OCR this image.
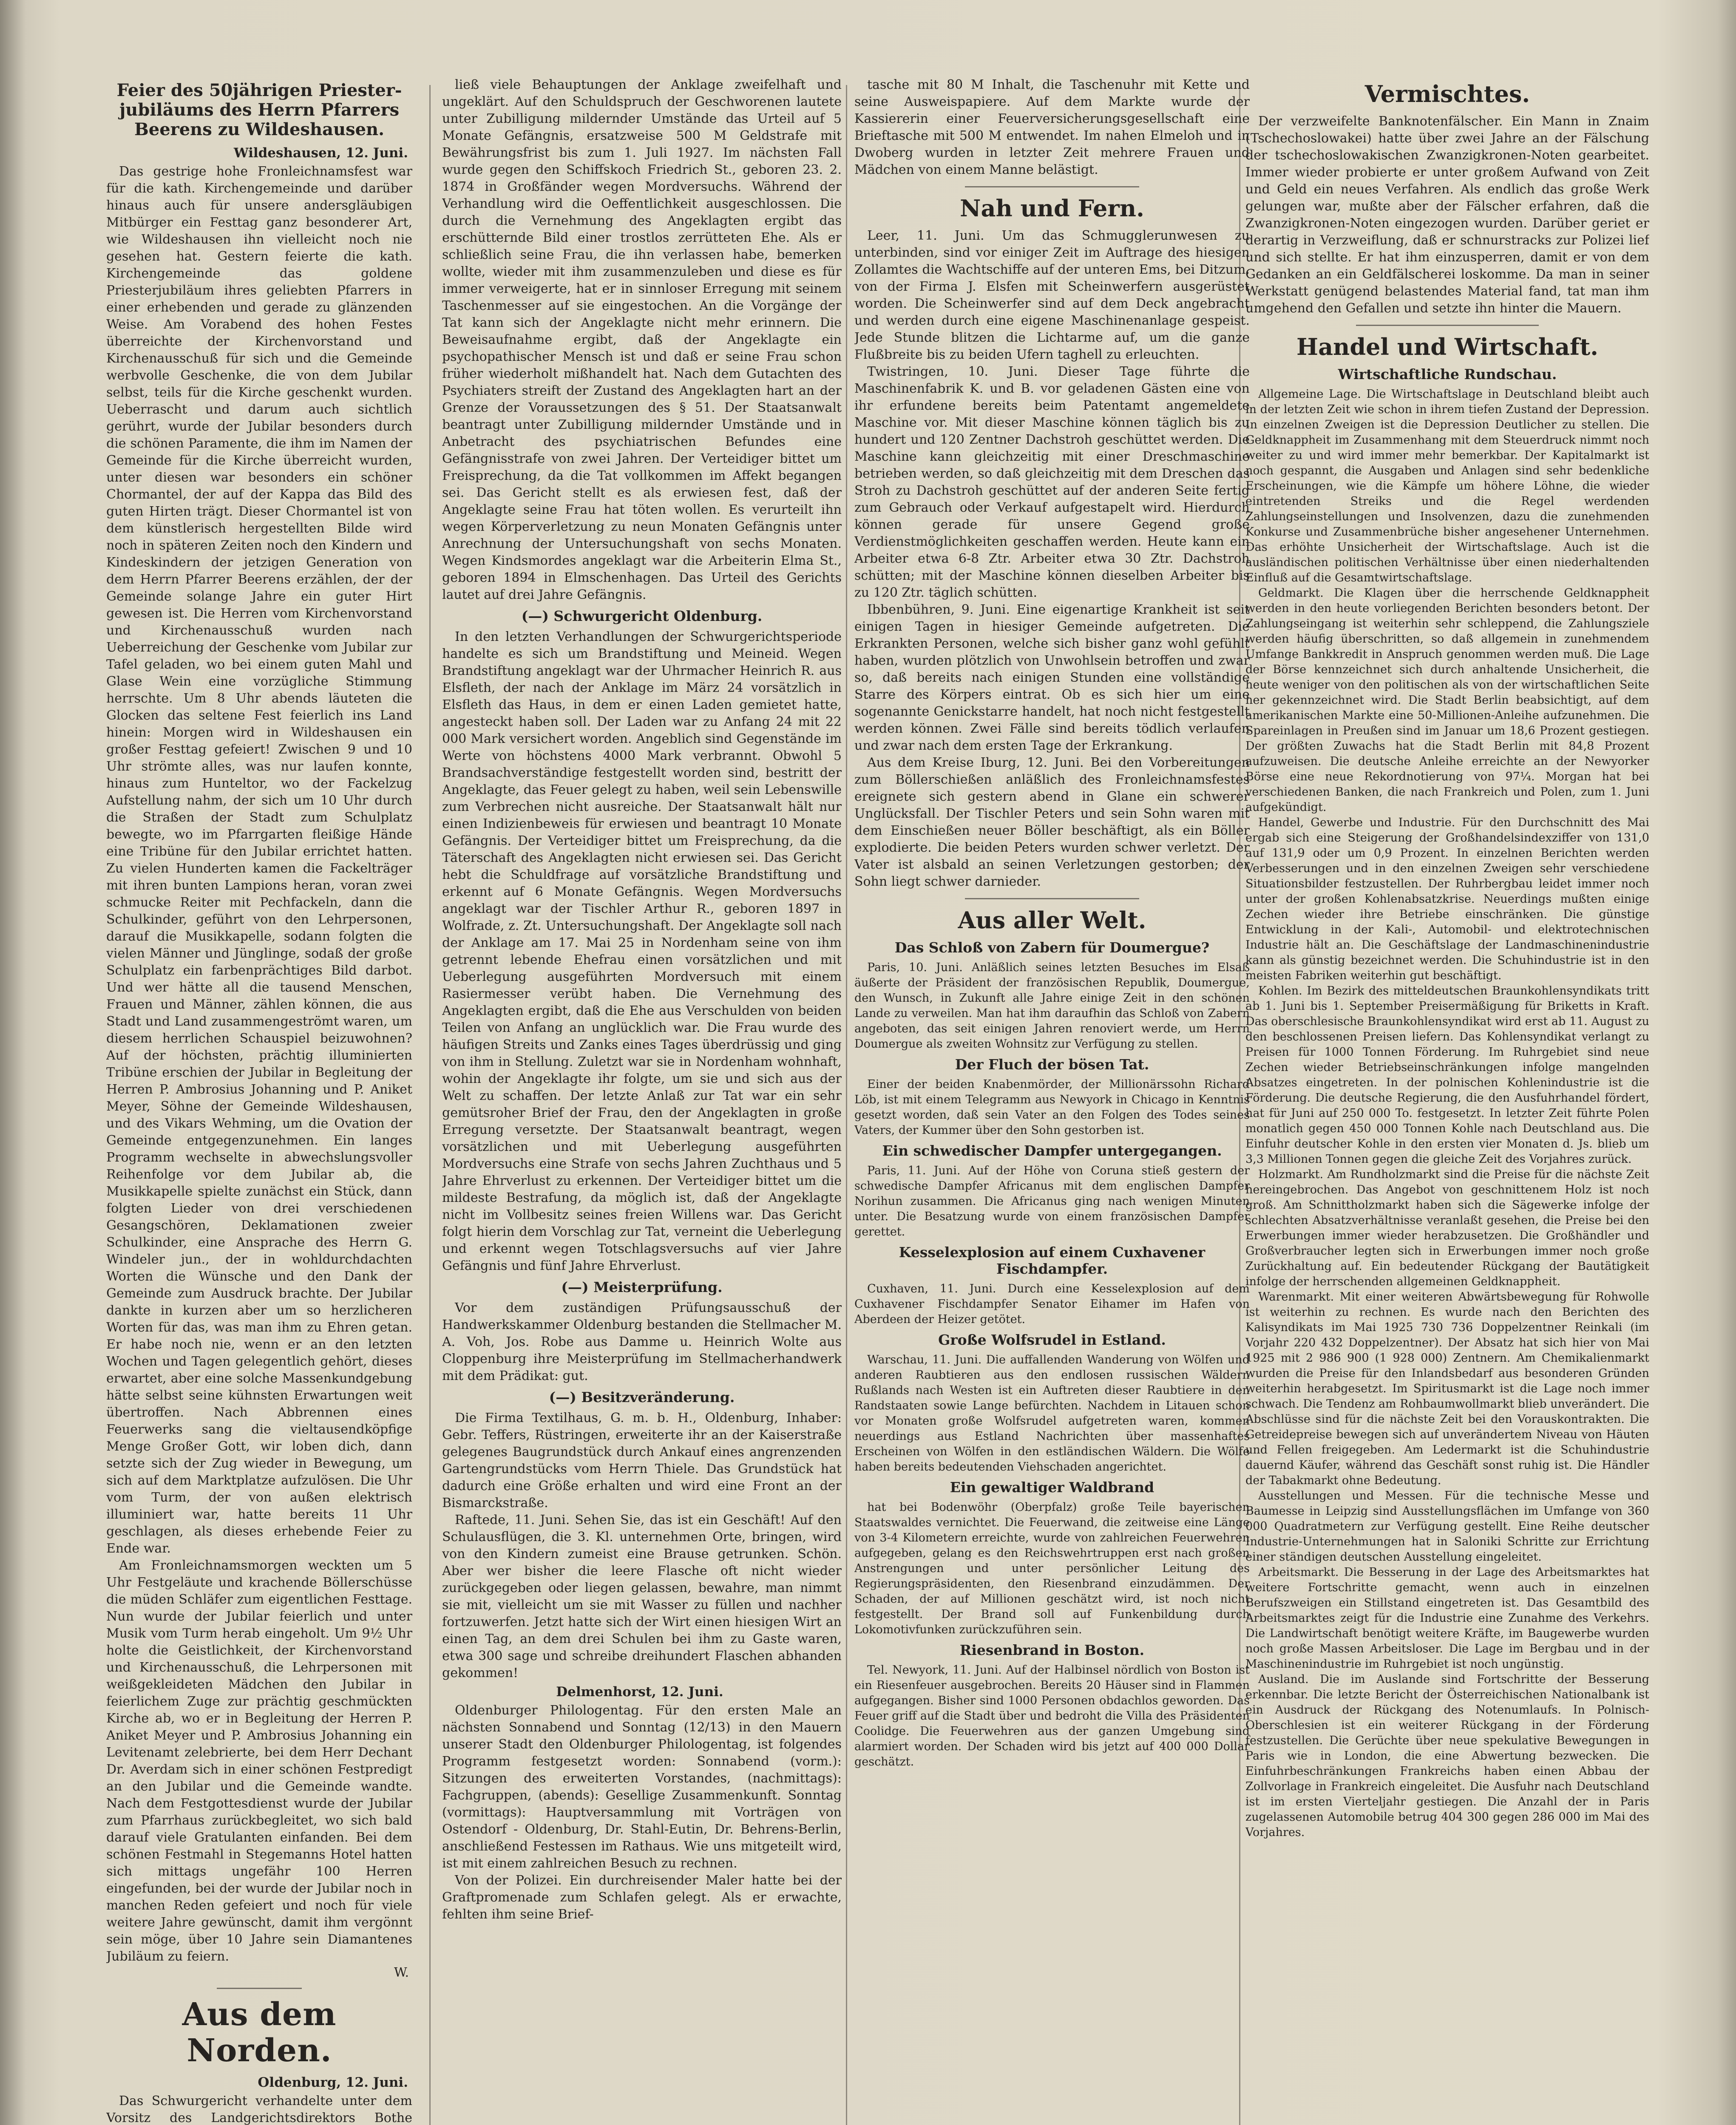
Feier des 50jährigen Priester-jubiläums des Herrn Pfarrers Beerens zu Wildeshausen.
Wildeshausen, 12. Juni.

Das gestrige hohe Fronleichnamsfest war für die kath. Kirchengemeinde und darüber hinaus auch für unsere andersgläubigen Mitbürger ein Festtag ganz besonderer Art, wie Wildeshausen ihn vielleicht noch nie gesehen hat. Gestern feierte die kath. Kirchengemeinde das goldene Priesterjubiläum ihres geliebten Pfarrers in einer erhebenden und gerade zu glänzenden Weise. Am Vorabend des hohen Festes überreichte der Kirchenvorstand und Kirchenausschuß für sich und die Gemeinde werbvolle Geschenke, die von dem Jubilar selbst, teils für die Kirche geschenkt wurden. Ueberrascht und darum auch sichtlich gerührt, wurde der Jubilar besonders durch die schönen Paramente, die ihm im Namen der Gemeinde für die Kirche überreicht wurden, unter diesen war besonders ein schöner Chormantel, der auf der Kappa das Bild des guten Hirten trägt. Dieser Chormantel ist von dem künstlerisch hergestellten Bilde wird noch in späteren Zeiten noch den Kindern und Kindeskindern der jetzigen Generation von dem Herrn Pfarrer Beerens erzählen, der der Gemeinde solange Jahre ein guter Hirt gewesen ist. Die Herren vom Kirchenvorstand und Kirchenausschuß wurden nach Ueberreichung der Geschenke vom Jubilar zur Tafel geladen, wo bei einem guten Mahl und Glase Wein eine vorzügliche Stimmung herrschte. Um 8 Uhr abends läuteten die Glocken das seltene Fest feierlich ins Land hinein: Morgen wird in Wildeshausen ein großer Festtag gefeiert! Zwischen 9 und 10 Uhr strömte alles, was nur laufen konnte, hinaus zum Hunteltor, wo der Fackelzug Aufstellung nahm, der sich um 10 Uhr durch die Straßen der Stadt zum Schulplatz bewegte, wo im Pfarrgarten fleißige Hände eine Tribüne für den Jubilar errichtet hatten. Zu vielen Hunderten kamen die Fackelträger mit ihren bunten Lampions heran, voran zwei schmucke Reiter mit Pechfackeln, dann die Schulkinder, geführt von den Lehrpersonen, darauf die Musikkapelle, sodann folgten die vielen Männer und Jünglinge, sodaß der große Schulplatz ein farbenprächtiges Bild darbot. Und wer hätte all die tausend Menschen, Frauen und Männer, zählen können, die aus Stadt und Land zusammengeströmt waren, um diesem herrlichen Schauspiel beizuwohnen? Auf der höchsten, prächtig illuminierten Tribüne erschien der Jubilar in Begleitung der Herren P. Ambrosius Johanning und P. Aniket Meyer, Söhne der Gemeinde Wildeshausen, und des Vikars Wehming, um die Ovation der Gemeinde entgegenzunehmen. Ein langes Programm wechselte in abwechslungsvoller Reihenfolge vor dem Jubilar ab, die Musikkapelle spielte zunächst ein Stück, dann folgten Lieder von drei verschiedenen Gesangschören, Deklamationen zweier Schulkinder, eine Ansprache des Herrn G. Windeler jun., der in wohldurchdachten Worten die Wünsche und den Dank der Gemeinde zum Ausdruck brachte. Der Jubilar dankte in kurzen aber um so herzlicheren Worten für das, was man ihm zu Ehren getan. Er habe noch nie, wenn er an den letzten Wochen und Tagen gelegentlich gehört, dieses erwartet, aber eine solche Massenkundgebung hätte selbst seine kühnsten Erwartungen weit übertroffen. Nach Abbrennen eines Feuerwerks sang die vieltausendköpfige Menge Großer Gott, wir loben dich, dann setzte sich der Zug wieder in Bewegung, um sich auf dem Marktplatze aufzulösen. Die Uhr vom Turm, der von außen elektrisch illuminiert war, hatte bereits 11 Uhr geschlagen, als dieses erhebende Feier zu Ende war.

Am Fronleichnamsmorgen weckten um 5 Uhr Festgeläute und krachende Böllerschüsse die müden Schläfer zum eigentlichen Festtage. Nun wurde der Jubilar feierlich und unter Musik vom Turm herab eingeholt. Um 9½ Uhr holte die Geistlichkeit, der Kirchenvorstand und Kirchenausschuß, die Lehrpersonen mit weißgekleideten Mädchen den Jubilar in feierlichem Zuge zur prächtig geschmückten Kirche ab, wo er in Begleitung der Herren P. Aniket Meyer und P. Ambrosius Johanning ein Levitenamt zelebrierte, bei dem Herr Dechant Dr. Averdam sich in einer schönen Festpredigt an den Jubilar und die Gemeinde wandte. Nach dem Festgottesdienst wurde der Jubilar zum Pfarrhaus zurückbegleitet, wo sich bald darauf viele Gratulanten einfanden. Bei dem schönen Festmahl in Stegemanns Hotel hatten sich mittags ungefähr 100 Herren eingefunden, bei der wurde der Jubilar noch in manchen Reden gefeiert und noch für viele weitere Jahre gewünscht, damit ihm vergönnt sein möge, über 10 Jahre sein Diamantenes Jubiläum zu feiern.

W.
Aus dem Norden.
Oldenburg, 12. Juni.

Das Schwurgericht verhandelte unter dem Vorsitz des Landgerichtsdirektors Bothe

ließ viele Behauptungen der Anklage zweifelhaft und ungeklärt. Auf den Schuldspruch der Geschworenen lautete unter Zubilligung mildernder Umstände das Urteil auf 5 Monate Gefängnis, ersatzweise 500 M Geldstrafe mit Bewährungsfrist bis zum 1. Juli 1927. Im nächsten Fall wurde gegen den Schiffskoch Friedrich St., geboren 23. 2. 1874 in Großfänder wegen Mordversuchs. Während der Verhandlung wird die Oeffentlichkeit ausgeschlossen. Die durch die Vernehmung des Angeklagten ergibt das erschütternde Bild einer trostlos zerrütteten Ehe. Als er schließlich seine Frau, die ihn verlassen habe, bemerken wollte, wieder mit ihm zusammenzuleben und diese es für immer verweigerte, hat er in sinnloser Erregung mit seinem Taschenmesser auf sie eingestochen. An die Vorgänge der Tat kann sich der Angeklagte nicht mehr erinnern. Die Beweisaufnahme ergibt, daß der Angeklagte ein psychopathischer Mensch ist und daß er seine Frau schon früher wiederholt mißhandelt hat. Nach dem Gutachten des Psychiaters streift der Zustand des Angeklagten hart an der Grenze der Voraussetzungen des § 51. Der Staatsanwalt beantragt unter Zubilligung mildernder Umstände und in Anbetracht des psychiatrischen Befundes eine Gefängnisstrafe von zwei Jahren. Der Verteidiger bittet um Freisprechung, da die Tat vollkommen im Affekt begangen sei. Das Gericht stellt es als erwiesen fest, daß der Angeklagte seine Frau hat töten wollen. Es verurteilt ihn wegen Körperverletzung zu neun Monaten Gefängnis unter Anrechnung der Untersuchungshaft von sechs Monaten. Wegen Kindsmordes angeklagt war die Arbeiterin Elma St., geboren 1894 in Elmschenhagen. Das Urteil des Gerichts lautet auf drei Jahre Gefängnis.

(—) Schwurgericht Oldenburg.

In den letzten Verhandlungen der Schwurgerichtsperiode handelte es sich um Brandstiftung und Meineid. Wegen Brandstiftung angeklagt war der Uhrmacher Heinrich R. aus Elsfleth, der nach der Anklage im März 24 vorsätzlich in Elsfleth das Haus, in dem er einen Laden gemietet hatte, angesteckt haben soll. Der Laden war zu Anfang 24 mit 22 000 Mark versichert worden. Angeblich sind Gegenstände im Werte von höchstens 4000 Mark verbrannt. Obwohl 5 Brandsachverständige festgestellt worden sind, bestritt der Angeklagte, das Feuer gelegt zu haben, weil sein Lebenswille zum Verbrechen nicht ausreiche. Der Staatsanwalt hält nur einen Indizienbeweis für erwiesen und beantragt 10 Monate Gefängnis. Der Verteidiger bittet um Freisprechung, da die Täterschaft des Angeklagten nicht erwiesen sei. Das Gericht hebt die Schuldfrage auf vorsätzliche Brandstiftung und erkennt auf 6 Monate Gefängnis. Wegen Mordversuchs angeklagt war der Tischler Arthur R., geboren 1897 in Wolfrade, z. Zt. Untersuchungshaft. Der Angeklagte soll nach der Anklage am 17. Mai 25 in Nordenham seine von ihm getrennt lebende Ehefrau einen vorsätzlichen und mit Ueberlegung ausgeführten Mordversuch mit einem Rasiermesser verübt haben. Die Vernehmung des Angeklagten ergibt, daß die Ehe aus Verschulden von beiden Teilen von Anfang an unglücklich war. Die Frau wurde des häufigen Streits und Zanks eines Tages überdrüssig und ging von ihm in Stellung. Zuletzt war sie in Nordenham wohnhaft, wohin der Angeklagte ihr folgte, um sie und sich aus der Welt zu schaffen. Der letzte Anlaß zur Tat war ein sehr gemütsroher Brief der Frau, den der Angeklagten in große Erregung versetzte. Der Staatsanwalt beantragt, wegen vorsätzlichen und mit Ueberlegung ausgeführten Mordversuchs eine Strafe von sechs Jahren Zuchthaus und 5 Jahre Ehrverlust zu erkennen. Der Verteidiger bittet um die mildeste Bestrafung, da möglich ist, daß der Angeklagte nicht im Vollbesitz seines freien Willens war. Das Gericht folgt hierin dem Vorschlag zur Tat, verneint die Ueberlegung und erkennt wegen Totschlagsversuchs auf vier Jahre Gefängnis und fünf Jahre Ehrverlust.

(—) Meisterprüfung.

Vor dem zuständigen Prüfungsausschuß der Handwerkskammer Oldenburg bestanden die Stellmacher M. A. Voh, Jos. Robe aus Damme u. Heinrich Wolte aus Cloppenburg ihre Meisterprüfung im Stellmacherhandwerk mit dem Prädikat: gut.

(—) Besitzveränderung.

Die Firma Textilhaus, G. m. b. H., Oldenburg, Inhaber: Gebr. Teffers, Rüstringen, erweiterte ihr an der Kaiserstraße gelegenes Baugrundstück durch Ankauf eines angrenzenden Gartengrundstücks vom Herrn Thiele. Das Grundstück hat dadurch eine Größe erhalten und wird eine Front an der Bismarckstraße.

Raftede, 11. Juni. Sehen Sie, das ist ein Geschäft! Auf den Schulausflügen, die 3. Kl. unternehmen Orte, bringen, wird von den Kindern zumeist eine Brause getrunken. Schön. Aber wer bisher die leere Flasche oft nicht wieder zurückgegeben oder liegen gelassen, bewahre, man nimmt sie mit, vielleicht um sie mit Wasser zu füllen und nachher fortzuwerfen. Jetzt hatte sich der Wirt einen hiesigen Wirt an einen Tag, an dem drei Schulen bei ihm zu Gaste waren, etwa 300 sage und schreibe dreihundert Flaschen abhanden gekommen!

Delmenhorst, 12. Juni.

Oldenburger Philologentag. Für den ersten Male an nächsten Sonnabend und Sonntag (12/13) in den Mauern unserer Stadt den Oldenburger Philologentag, ist folgendes Programm festgesetzt worden: Sonnabend (vorm.): Sitzungen des erweiterten Vorstandes, (nachmittags): Fachgruppen, (abends): Gesellige Zusammenkunft. Sonntag (vormittags): Hauptversammlung mit Vorträgen von Ostendorf - Oldenburg, Dr. Stahl-Eutin, Dr. Behrens-Berlin, anschließend Festessen im Rathaus. Wie uns mitgeteilt wird, ist mit einem zahlreichen Besuch zu rechnen.

Von der Polizei. Ein durchreisender Maler hatte bei der Graftpromenade zum Schlafen gelegt. Als er erwachte, fehlten ihm seine Brief-

tasche mit 80 M Inhalt, die Taschenuhr mit Kette und seine Ausweispapiere. Auf dem Markte wurde der Kassiererin einer Feuerversicherungsgesellschaft eine Brieftasche mit 500 M entwendet. Im nahen Elmeloh und in Dwoberg wurden in letzter Zeit mehrere Frauen und Mädchen von einem Manne belästigt.

Nah und Fern.

Leer, 11. Juni. Um das Schmugglerunwesen zu unterbinden, sind vor einiger Zeit im Auftrage des hiesigen Zollamtes die Wachtschiffe auf der unteren Ems, bei Ditzum, von der Firma J. Elsfen mit Scheinwerfern ausgerüstet worden. Die Scheinwerfer sind auf dem Deck angebracht und werden durch eine eigene Maschinenanlage gespeist. Jede Stunde blitzen die Lichtarme auf, um die ganze Flußbreite bis zu beiden Ufern taghell zu erleuchten.

Twistringen, 10. Juni. Dieser Tage führte die Maschinenfabrik K. und B. vor geladenen Gästen eine von ihr erfundene bereits beim Patentamt angemeldete Maschine vor. Mit dieser Maschine können täglich bis zu hundert und 120 Zentner Dachstroh geschüttet werden. Die Maschine kann gleichzeitig mit einer Dreschmaschine betrieben werden, so daß gleichzeitig mit dem Dreschen das Stroh zu Dachstroh geschüttet auf der anderen Seite fertig zum Gebrauch oder Verkauf aufgestapelt wird. Hierdurch können gerade für unsere Gegend große Verdienstmöglichkeiten geschaffen werden. Heute kann ein Arbeiter etwa 6-8 Ztr. Arbeiter etwa 30 Ztr. Dachstroh schütten; mit der Maschine können dieselben Arbeiter bis zu 120 Ztr. täglich schütten.

Ibbenbühren, 9. Juni. Eine eigenartige Krankheit ist seit einigen Tagen in hiesiger Gemeinde aufgetreten. Die Erkrankten Personen, welche sich bisher ganz wohl gefühlt haben, wurden plötzlich von Unwohlsein betroffen und zwar so, daß bereits nach einigen Stunden eine vollständige Starre des Körpers eintrat. Ob es sich hier um eine sogenannte Genickstarre handelt, hat noch nicht festgestellt werden können. Zwei Fälle sind bereits tödlich verlaufen und zwar nach dem ersten Tage der Erkrankung.

Aus dem Kreise Iburg, 12. Juni. Bei den Vorbereitungen zum Böllerschießen anläßlich des Fronleichnamsfestes ereignete sich gestern abend in Glane ein schwerer Unglücksfall. Der Tischler Peters und sein Sohn waren mit dem Einschießen neuer Böller beschäftigt, als ein Böller explodierte. Die beiden Peters wurden schwer verletzt. Der Vater ist alsbald an seinen Verletzungen gestorben; der Sohn liegt schwer darnieder.

Aus aller Welt.
Das Schloß von Zabern für Doumergue?

Paris, 10. Juni. Anläßlich seines letzten Besuches im Elsaß äußerte der Präsident der französischen Republik, Doumergue, den Wunsch, in Zukunft alle Jahre einige Zeit in den schönen Lande zu verweilen. Man hat ihm daraufhin das Schloß von Zabern angeboten, das seit einigen Jahren renoviert werde, um Herrn Doumergue als zweiten Wohnsitz zur Verfügung zu stellen.

Der Fluch der bösen Tat.

Einer der beiden Knabenmörder, der Millionärssohn Richard Löb, ist mit einem Telegramm aus Newyork in Chicago in Kenntnis gesetzt worden, daß sein Vater an den Folgen des Todes seines Vaters, der Kummer über den Sohn gestorben ist.

Ein schwedischer Dampfer untergegangen.

Paris, 11. Juni. Auf der Höhe von Coruna stieß gestern der schwedische Dampfer Africanus mit dem englischen Dampfer Norihun zusammen. Die Africanus ging nach wenigen Minuten unter. Die Besatzung wurde von einem französischen Dampfer gerettet.

Kesselexplosion auf einem Cuxhavener Fischdampfer.

Cuxhaven, 11. Juni. Durch eine Kesselexplosion auf dem Cuxhavener Fischdampfer Senator Eihamer im Hafen von Aberdeen der Heizer getötet.

Große Wolfsrudel in Estland.

Warschau, 11. Juni. Die auffallenden Wanderung von Wölfen und anderen Raubtieren aus den endlosen russischen Wäldern Rußlands nach Westen ist ein Auftreten dieser Raubtiere in den Randstaaten sowie Lange befürchten. Nachdem in Litauen schon vor Monaten große Wolfsrudel aufgetreten waren, kommen neuerdings aus Estland Nachrichten über massenhaftes Erscheinen von Wölfen in den estländischen Wäldern. Die Wölfe haben bereits bedeutenden Viehschaden angerichtet.

Ein gewaltiger Waldbrand

hat bei Bodenwöhr (Oberpfalz) große Teile bayerischen Staatswaldes vernichtet. Die Feuerwand, die zeitweise eine Länge von 3-4 Kilometern erreichte, wurde von zahlreichen Feuerwehren aufgegeben, gelang es den Reichswehrtruppen erst nach großen Anstrengungen und unter persönlicher Leitung des Regierungspräsidenten, den Riesenbrand einzudämmen. Der Schaden, der auf Millionen geschätzt wird, ist noch nicht festgestellt. Der Brand soll auf Funkenbildung durch Lokomotivfunken zurückzuführen sein.

Riesenbrand in Boston.

Tel. Newyork, 11. Juni. Auf der Halbinsel nördlich von Boston ist ein Riesenfeuer ausgebrochen. Bereits 20 Häuser sind in Flammen aufgegangen. Bisher sind 1000 Personen obdachlos geworden. Das Feuer griff auf die Stadt über und bedroht die Villa des Präsidenten Coolidge. Die Feuerwehren aus der ganzen Umgebung sind alarmiert worden. Der Schaden wird bis jetzt auf 400 000 Dollar geschätzt.

Vermischtes.

Der verzweifelte Banknotenfälscher. Ein Mann in Znaim (Tschechoslowakei) hatte über zwei Jahre an der Fälschung der tschechoslowakischen Zwanzigkronen-Noten gearbeitet. Immer wieder probierte er unter großem Aufwand von Zeit und Geld ein neues Verfahren. Als endlich das große Werk gelungen war, mußte aber der Fälscher erfahren, daß die Zwanzigkronen-Noten eingezogen wurden. Darüber geriet er derartig in Verzweiflung, daß er schnurstracks zur Polizei lief und sich stellte. Er hat ihm einzusperren, damit er von dem Gedanken an ein Geldfälscherei loskomme. Da man in seiner Werkstatt genügend belastendes Material fand, tat man ihm umgehend den Gefallen und setzte ihn hinter die Mauern.

Handel und Wirtschaft.
Wirtschaftliche Rundschau.

Allgemeine Lage. Die Wirtschaftslage in Deutschland bleibt auch in der letzten Zeit wie schon in ihrem tiefen Zustand der Depression. In einzelnen Zweigen ist die Depression Deutlicher zu stellen. Die Geldknappheit im Zusammenhang mit dem Steuerdruck nimmt noch weiter zu und wird immer mehr bemerkbar. Der Kapitalmarkt ist noch gespannt, die Ausgaben und Anlagen sind sehr bedenkliche Erscheinungen, wie die Kämpfe um höhere Löhne, die wieder eintretenden Streiks und die Regel werdenden Zahlungseinstellungen und Insolvenzen, dazu die zunehmenden Konkurse und Zusammenbrüche bisher angesehener Unternehmen. Das erhöhte Unsicherheit der Wirtschaftslage. Auch ist die ausländischen politischen Verhältnisse über einen niederhaltenden Einfluß auf die Gesamtwirtschaftslage.

Geldmarkt. Die Klagen über die herrschende Geldknappheit werden in den heute vorliegenden Berichten besonders betont. Der Zahlungseingang ist weiterhin sehr schleppend, die Zahlungsziele werden häufig überschritten, so daß allgemein in zunehmendem Umfange Bankkredit in Anspruch genommen werden muß. Die Lage der Börse kennzeichnet sich durch anhaltende Unsicherheit, die heute weniger von den politischen als von der wirtschaftlichen Seite her gekennzeichnet wird. Die Stadt Berlin beabsichtigt, auf dem amerikanischen Markte eine 50-Millionen-Anleihe aufzunehmen. Die Spareinlagen in Preußen sind im Januar um 18,6 Prozent gestiegen. Der größten Zuwachs hat die Stadt Berlin mit 84,8 Prozent aufzuweisen. Die deutsche Anleihe erreichte an der Newyorker Börse eine neue Rekordnotierung von 97¼. Morgan hat bei verschiedenen Banken, die nach Frankreich und Polen, zum 1. Juni aufgekündigt.

Handel, Gewerbe und Industrie. Für den Durchschnitt des Mai ergab sich eine Steigerung der Großhandelsindexziffer von 131,0 auf 131,9 oder um 0,9 Prozent. In einzelnen Berichten werden Verbesserungen und in den einzelnen Zweigen sehr verschiedene Situationsbilder festzustellen. Der Ruhrbergbau leidet immer noch unter der großen Kohlenabsatzkrise. Neuerdings mußten einige Zechen wieder ihre Betriebe einschränken. Die günstige Entwicklung in der Kali-, Automobil- und elektrotechnischen Industrie hält an. Die Geschäftslage der Landmaschinenindustrie kann als günstig bezeichnet werden. Die Schuhindustrie ist in den meisten Fabriken weiterhin gut beschäftigt.

Kohlen. Im Bezirk des mitteldeutschen Braunkohlensyndikats tritt ab 1. Juni bis 1. September Preisermäßigung für Briketts in Kraft. Das oberschlesische Braunkohlensyndikat wird erst ab 11. August zu den beschlossenen Preisen liefern. Das Kohlensyndikat verlangt zu Preisen für 1000 Tonnen Förderung. Im Ruhrgebiet sind neue Zechen wieder Betriebseinschränkungen infolge mangelnden Absatzes eingetreten. In der polnischen Kohlenindustrie ist die Förderung. Die deutsche Regierung, die den Ausfuhrhandel fördert, hat für Juni auf 250 000 To. festgesetzt. In letzter Zeit führte Polen monatlich gegen 450 000 Tonnen Kohle nach Deutschland aus. Die Einfuhr deutscher Kohle in den ersten vier Monaten d. Js. blieb um 3,3 Millionen Tonnen gegen die gleiche Zeit des Vorjahres zurück.

Holzmarkt. Am Rundholzmarkt sind die Preise für die nächste Zeit hereingebrochen. Das Angebot von geschnittenem Holz ist noch groß. Am Schnittholzmarkt haben sich die Sägewerke infolge der schlechten Absatzverhältnisse veranlaßt gesehen, die Preise bei den Erwerbungen immer wieder herabzusetzen. Die Großhändler und Großverbraucher legten sich in Erwerbungen immer noch große Zurückhaltung auf. Ein bedeutender Rückgang der Bautätigkeit infolge der herrschenden allgemeinen Geldknappheit.

Warenmarkt. Mit einer weiteren Abwärtsbewegung für Rohwolle ist weiterhin zu rechnen. Es wurde nach den Berichten des Kalisyndikats im Mai 1925 730 736 Doppelzentner Reinkali (im Vorjahr 220 432 Doppelzentner). Der Absatz hat sich hier von Mai 1925 mit 2 986 900 (1 928 000) Zentnern. Am Chemikalienmarkt wurden die Preise für den Inlandsbedarf aus besonderen Gründen weiterhin herabgesetzt. Im Spiritusmarkt ist die Lage noch immer schwach. Die Tendenz am Rohbaumwollmarkt blieb unverändert. Die Abschlüsse sind für die nächste Zeit bei den Vorauskontrakten. Die Getreidepreise bewegen sich auf unverändertem Niveau von Häuten und Fellen freigegeben. Am Ledermarkt ist die Schuhindustrie dauernd Käufer, während das Geschäft sonst ruhig ist. Die Händler der Tabakmarkt ohne Bedeutung.

Ausstellungen und Messen. Für die technische Messe und Baumesse in Leipzig sind Ausstellungsflächen im Umfange von 360 000 Quadratmetern zur Verfügung gestellt. Eine Reihe deutscher Industrie-Unternehmungen hat in Saloniki Schritte zur Errichtung einer ständigen deutschen Ausstellung eingeleitet.

Arbeitsmarkt. Die Besserung in der Lage des Arbeitsmarktes hat weitere Fortschritte gemacht, wenn auch in einzelnen Berufszweigen ein Stillstand eingetreten ist. Das Gesamtbild des Arbeitsmarktes zeigt für die Industrie eine Zunahme des Verkehrs. Die Landwirtschaft benötigt weitere Kräfte, im Baugewerbe wurden noch große Massen Arbeitsloser. Die Lage im Bergbau und in der Maschinenindustrie im Ruhrgebiet ist noch ungünstig.

Ausland. Die im Auslande sind Fortschritte der Besserung erkennbar. Die letzte Bericht der Österreichischen Nationalbank ist ein Ausdruck der Rückgang des Notenumlaufs. In Polnisch-Oberschlesien ist ein weiterer Rückgang in der Förderung festzustellen. Die Gerüchte über neue spekulative Bewegungen in Paris wie in London, die eine Abwertung bezwecken. Die Einfuhrbeschränkungen Frankreichs haben einen Abbau der Zollvorlage in Frankreich eingeleitet. Die Ausfuhr nach Deutschland ist im ersten Vierteljahr gestiegen. Die Anzahl der in Paris zugelassenen Automobile betrug 404 300 gegen 286 000 im Mai des Vorjahres.
